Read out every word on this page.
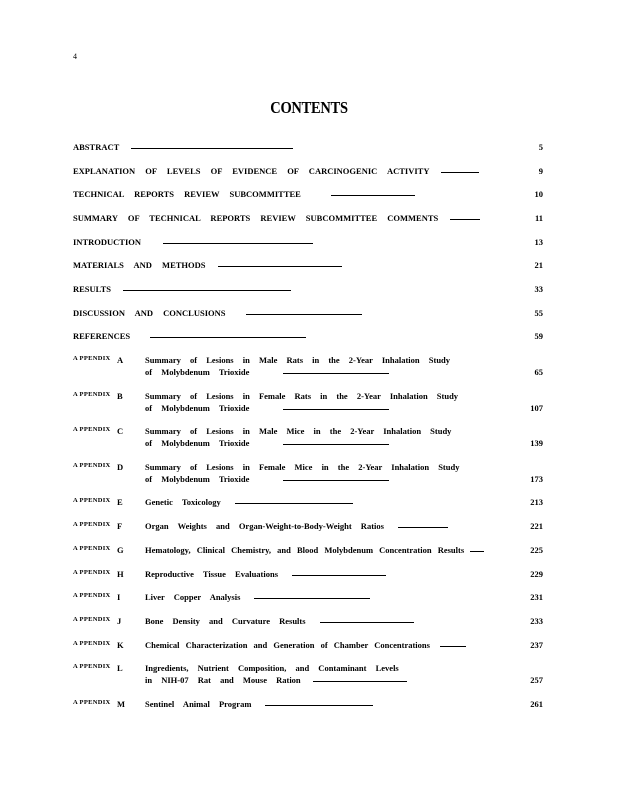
4
CONTENTS
ABSTRACT	5
EXPLANATION OF LEVELS OF EVIDENCE OF CARCINOGENIC ACTIVITY	9
TECHNICAL REPORTS REVIEW SUBCOMMITTEE	10
SUMMARY OF TECHNICAL REPORTS REVIEW SUBCOMMITTEE COMMENTS	11
INTRODUCTION	13
MATERIALS AND METHODS	21
RESULTS	33
DISCUSSION AND CONCLUSIONS	55
REFERENCES	59
A PPENDIX A	Summary of Lesions in Male Rats in the 2-Year Inhalation Study
of Molybdenum Trioxide	65
A PPENDIX B	Summary of Lesions in Female Rats in the 2-Year Inhalation Study
of Molybdenum Trioxide	107
A PPENDIX C	Summary of Lesions in Male Mice in the 2-Year Inhalation Study
of Molybdenum Trioxide	139
A PPENDIX D	Summary of Lesions in Female Mice in the 2-Year Inhalation Study
of Molybdenum Trioxide	173
A PPENDIX E	Genetic Toxicology	213
A PPENDIX F	Organ Weights and Organ-Weight-to-Body-Weight Ratios	221
A PPENDIX G	Hematology, Clinical Chemistry, and Blood Molybdenum Concentration Results	225
A PPENDIX H	Reproductive Tissue Evaluations	229
A PPENDIX I	Liver Copper Analysis	231
A PPENDIX J	Bone Density and Curvature Results	233
A PPENDIX K	Chemical Characterization and Generation of Chamber Concentrations	237
A PPENDIX L	Ingredients, Nutrient Composition, and Contaminant Levels
in NIH-07 Rat and Mouse Ration	257
A PPENDIX M Sentinel Animal Program	261
